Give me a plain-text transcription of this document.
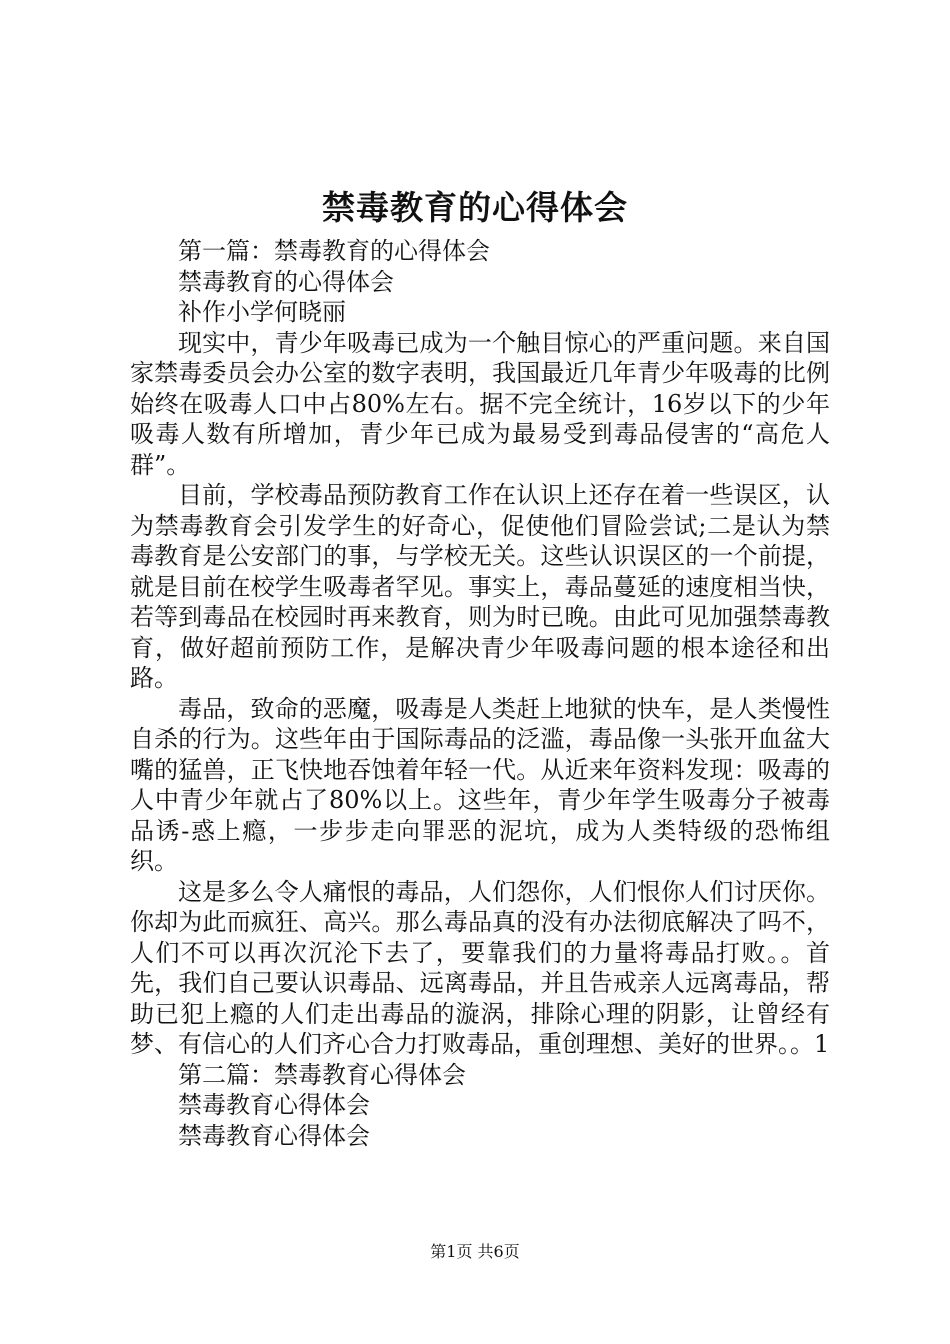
禁毒教育的心得体会

第一篇：禁毒教育的心得体会

禁毒教育的心得体会

补作小学何晓丽

现实中，青少年吸毒已成为一个触目惊心的严重问题。来自国家禁毒委员会办公室的数字表明，我国最近几年青少年吸毒的比例始终在吸毒人口中占80%左右。据不完全统计，16岁以下的少年吸毒人数有所增加，青少年已成为最易受到毒品侵害的“高危人群”。

目前，学校毒品预防教育工作在认识上还存在着一些误区，认为禁毒教育会引发学生的好奇心，促使他们冒险尝试;二是认为禁毒教育是公安部门的事，与学校无关。这些认识误区的一个前提，就是目前在校学生吸毒者罕见。事实上，毒品蔓延的速度相当快，若等到毒品在校园时再来教育，则为时已晚。由此可见加强禁毒教育，做好超前预防工作，是解决青少年吸毒问题的根本途径和出路。

毒品，致命的恶魔，吸毒是人类赶上地狱的快车，是人类慢性自杀的行为。这些年由于国际毒品的泛滥，毒品像一头张开血盆大嘴的猛兽，正飞快地吞蚀着年轻一代。从近来年资料发现：吸毒的人中青少年就占了80%以上。这些年，青少年学生吸毒分子被毒品诱-惑上瘾，一步步走向罪恶的泥坑，成为人类特级的恐怖组织。

这是多么令人痛恨的毒品，人们怨你，人们恨你人们讨厌你。你却为此而疯狂、高兴。那么毒品真的没有办法彻底解决了吗不，人们不可以再次沉沦下去了，要靠我们的力量将毒品打败。。首先，我们自己要认识毒品、远离毒品，并且告戒亲人远离毒品，帮助已犯上瘾的人们走出毒品的漩涡，排除心理的阴影，让曾经有梦、有信心的人们齐心合力打败毒品，重创理想、美好的世界。。1

第二篇：禁毒教育心得体会

禁毒教育心得体会

禁毒教育心得体会

第1页 共6页
